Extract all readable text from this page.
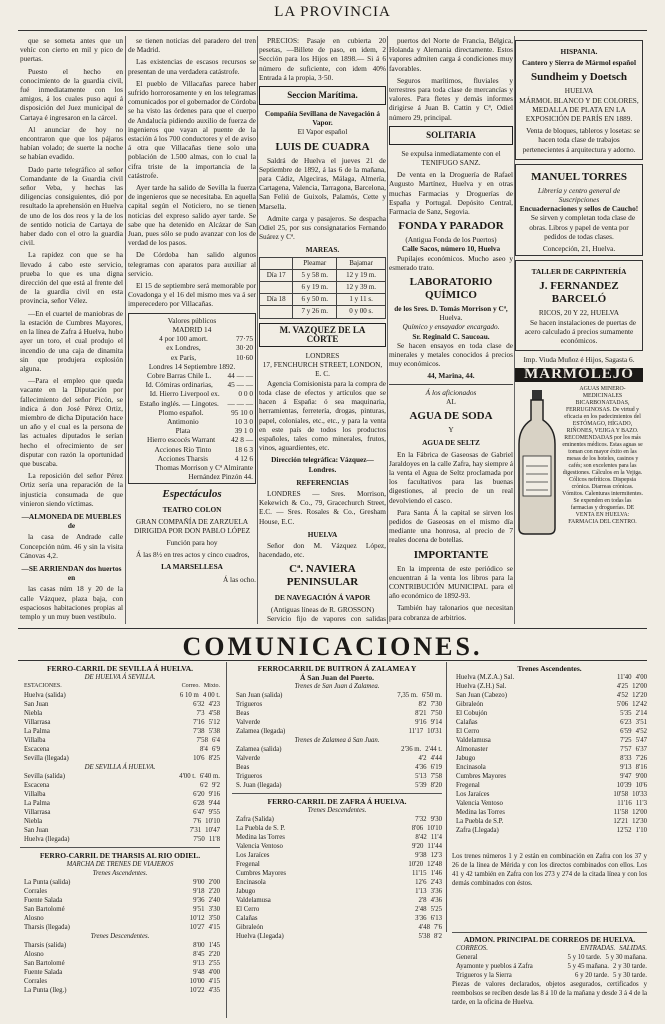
LA PROVINCIA

que se someta antes que un vehíc con cierto en mil y pico de puertas.

Puesto el hecho en conocimiento de la guardia civil, fué inmediatamente con los amigos, á los cuales puso aquí á disposición del Juez municipal de Cartaya é ingresaron en la cárcel.

Al anunciar de hoy no encontraron que que los pájaros habían volado; de suerte la noche se habían evadido.

Dado parte telegráfico al señor Comandante de la Guardia civil señor Veba, y hechas las diligencias consiguientes, dió por resultado la aprehensión en Huelva de uno de los dos reos y la de los de sentido noticia de Cartaya de haber dado con el otro la guardia civil.

La rapidez con que se ha llevado á cabo este servicio, prueba lo que es una digna dirección del que está al frente del de la guardia civil en esta provincia, señor Vélez.

—En el cuartel de maniobras de la estación de Cumbres Mayores, en la línea de Zafra á Huelva, hubo ayer un toro, el cual produjo el incendio de una caja de dinamita sin que produjera explosión alguna.

—Para el empleo que queda vacante en la Diputación por fallecimiento del señor Picón, se indica á don José Pérez Ortiz, miembro de dicha Diputación hace un año y el cual es la persona de las actuales diputados le serían hecho el ofrecimiento de ser disputar con razón la oportunidad que buscaba.

La reposición del señor Pérez Ortiz sería una reparación de la injusticia consumada de que vinieron siendo víctimas.

—ALMONEDA DE MUEBLES de

la casa de Andrade calle Concepción núm. 46 y sin la visita Cánovas 4,2.

—SE ARRIENDAN dos huertos en

las casas núm 18 y 20 de la calle Vázquez, plaza baja, con espaciosos habitaciones propias al templo y un muy buen vestíbulo.

se tienen noticias del paradero del tren de Madrid.

Las existencias de escasos recursos se presentan de una verdadera catástrofe.

El pueblo de Villacañas parece haber sufrido horrorosamente y en los telegramas comunicados por el gobernador de Córdoba se ha visto las órdenes para que el cuerpo de Andalucía pidiendo auxilio de fuerza de ingenieros que vayan al puente de la estación á los 700 conductores y el de aviso á otra que Villacañas tiene solo una población de 1.500 almas, con lo cual la cifra triste de la importancia de la catástrofe.

Ayer tarde ha salido de Sevilla la fuerza de ingenieros que se necesitaba. En aquella capital según el Noticiero, no se tienen noticias del expreso salido ayer tarde. Se sabe que ha detenido en Alcázar de San Juan, pues sólo se pudo avanzar con los de verdad de los pasos.

De Córdoba han salido algunos telegramas con aparatos para auxiliar al servicio.

El 15 de septiembre será memorable por Covadonga y el 16 del mismo mes va á ser imperecedero por Villacañas.

Valores públicos
MADRID 14
4 por 100 amort.	77·75
ex Londres,	30·20
ex París,	10·60
Londres 14 Septiembre 1892.
Cobre Barras Chile L.	44 — —
Id. Cómiras ordinarias,	45 — —
Id. Hierro Liverpool ex.	0 0 0
Estaño inglés. — Lingotes.	— — —
Plomo español.	95 10 0
Antimonio	10 3 0
Plata	39 1 0
Hierro escocés Warrant	42 8 —
Acciones Río Tinto	18 6 3
Acciones Tharsis	4 12 6
Thomas Morrison y Cª Almirante Hernández Pinzón 44.
Espectáculos
TEATRO COLON

GRAN COMPAÑÍA DE ZARZUELA DIRIGIDA POR DON PABLO LÓPEZ

Función para hoy

Á las 8½ en tres actos y cinco cuadros,

LA MARSELLESA

Á las ocho.

PRECIOS: Pasaje en cubierta 20 pesetas, —Billete de paso, en idem, 2 Sección para los Hijos en 1898.— Si á 6 número de suficiente, con idem 40% Entrada á la propia, 3·50.

Seccion Marítima.
Compañía Sevillana de Navegación á Vapor.
El Vapor español
LUIS DE CUADRA

Saldrá de Huelva el jueves 21 de Septiembre de 1892, á las 6 de la mañana, para Cádiz, Algeciras, Málaga, Almería, Cartagena, Valencia, Tarragona, Barcelona, San Feliú de Guixols, Palamós, Cette y Marsella.

Admite carga y pasajeros. Se despacha Odiel 25, por sus consignatarios Fernando Suárez y Cª.

MAREAS.
	Pleamar	Bajamar
Día 17	5 y 58 m.	12 y 19 m.
	6 y 19 m.	12 y 39 m.
Día 18	6 y 50 m.	1 y 11 s.
	7 y 26 m.	0 y 00 s.
M. VAZQUEZ DE LA CORTE
LONDRES
17, FENCHURCH STREET, LONDON, E. C.

Agencia Comisionista para la compra de toda clase de efectos y artículos que se hacen á España: ó sea maquinaria, herramientas, ferretería, drogas, pinturas, papel, coloniales, etc., etc., y para la venta en este país de todos los productos españoles, tales como minerales, frutos, vinos, aguardientes, etc.

Dirección telegráfica: Vázquez—Londres.

REFERENCIAS

LONDRES — Sres. Morrison, Kekewich & Co., 79, Gracechurch Street, E.C. — Sres. Rosales & Co., Gresham House, E.C.

HUELVA

Señor don M. Vázquez López, hacendado, etc.

Cª. NAVIERA PENINSULAR
DE NAVEGACIÓN Á VAPOR
(Antiguas líneas de R. GROSSON)

Servicio fijo de vapores con salidas

puertos del Norte de Francia, Bélgica, Holanda y Alemania directamente. Estos vapores admiten carga á condiciones muy favorables.

Seguros marítimos, fluviales y terrestres para toda clase de mercancías y valores. Para fletes y demás informes dirigirse á Juan B. Cattin y Cª, Odiel número 29, principal.

SOLITARIA

Se expulsa inmediatamente con el TENIFUGO SANZ.

De venta en la Droguería de Rafael Augusto Martínez, Huelva y en otras muchas Farmacias y Droguerías de España y Portugal. Depósito Central, Farmacia de Sanz, Segovia.

FONDA Y PARADOR
(Antigua Fonda de los Puertos)
Calle Sacos, número 10, Huelva

Pupilajes económicos. Mucho aseo y esmerado trato.

LABORATORIO QUÍMICO
de los Sres. D. Tomás Morrison y Cª,
Huelva.
Químico y ensayador encargado.
Sr. Reginald C. Saucoau.

Se hacen ensayos en toda clase de minerales y metales conocidos á precios muy económicos.

44, Marina, 44.
Á los aficionados
AL
AGUA DE SODA
Y
AGUA DE SELTZ

En la Fábrica de Gaseosas de Gabriel Jaraldoyes en la calle Zafra, hay siempre á la venta el Agua de Seltz proclamada por los facultativos para las buenas digestiones, al precio de un real devolviendo el casco.

Para Santa Á la capital se sirven los pedidos de Gaseosas en el mismo día mediante una honrosa, al precio de 7 reales docena de botellas.

IMPORTANTE

En la imprenta de este periódico se encuentran á la venta los libros para la CONTRIBUCIÓN MUNICIPAL para el año económico de 1892-93.

También hay talonarios que necesitan para cobranza de arbitrios.

HISPANIA.
Cantero y Sierra de Mármol español
Sundheim y Doetsch
HUELVA

MÁRMOL BLANCO Y DE COLORES, MEDALLA DE PLATA EN LA EXPOSICIÓN DE PARÍS EN 1889.

Venta de bloques, tableros y losetas: se hacen toda clase de trabajos pertenecientes á arquitectura y adorno.

MANUEL TORRES
Librería y centro general de Suscripciones
Encuadernaciones y sellos de Caucho!

Se sirven y completan toda clase de obras. Libros y papel de venta por pedidos de todas clases.

Concepción, 21, Huelva.
TALLER DE CARPINTERÍA
J. FERNANDEZ BARCELÓ
RICOS, 20 Y 22, HUELVA

Se hacen instalaciones de puertas de acero calculado á precios sumamente económicos.

Imp. Viuda Muñoz é Hijos, Sagasta 6.
MARMOLEJO
AGUAS MINERO-MEDICINALES BICARBONATADAS, FERRUGINOSAS. De virtud y eficacia en los padecimientos del ESTÓMAGO, HÍGADO, RIÑONES, VEJIGA Y BAZO. RECOMENDADAS por los más eminentes médicos. Estas aguas se toman con mayor éxito en las mesas de los hoteles, casinos y cafés; son excelentes para las digestiones. Cálculos en la Vejiga. Cólicos nefríticos. Dispepsia crónica. Diarreas crónicas. Vómitos. Calenturas intermitentes. Se expenden en todas las farmacias y droguerías. DE VENTA EN HUELVA: FARMACIA DEL CENTRO.
COMUNICACIONES.
FERRO-CARRIL DE SEVILLA Á HUELVA.
DE HUELVA Á SEVILLA.
ESTACIONES.	Correo. Mixto.
Huelva (salida)	6 10 m 4 00 t.
San Juan	6'32 4'23
Niebla	7'3 4'58
Villarrasa	7'16 5'12
La Palma	7'38 5'38
Villalba	7'58 6'4
Escacena	8'4 6'9
Sevilla (llegada)	10'6 8'25
DE SEVILLA Á HUELVA.
Sevilla (salida)	4'00 t. 6'40 m.
Escacena	6'2 9'2
Villalba	6'20 9'16
La Palma	6'28 9'44
Villarrasa	6'47 9'55
Niebla	7'6 10'10
San Juan	7'31 10'47
Huelva (llegada)	7'50 11'8
FERRO-CARRIL DE THARSIS AL RIO ODIEL.
MARCHA DE TRENES DE VIAJEROS
Trenes Ascendentes.
La Punta (salida)	9'00 2'00
Corrales	9'18 2'20
Fuente Salada	9'36 2'40
San Bartolomé	9'51 3'30
Alosno	10'12 3'50
Tharsis (llegada)	10'27 4'15
Trenes Descendentes.
Tharsis (salida)	8'00 1'45
Alosno	8'45 2'20
San Bartolomé	9'13 2'55
Fuente Salada	9'48 4'00
Corrales	10'00 4'15
La Punta (lleg.)	10'22 4'35
FERROCARRIL DE BUITRON Á ZALAMEA Y
Á San Juan del Puerto.
Trenes de San Juan á Zalamea.
San Juan (salida)	7,35 m. 6'50 m.
Trigueros	8'2 7'30
Beas	8'21 7'50
Valverde	9'16 9'14
Zalamea (llegada)	11'17 10'31
Trenes de Zalamea á San Juan.
Zalamea (salida)	2'36 m. 2'44 t.
Valverde	4'2 4'44
Beas	4'36 6'19
Trigueros	5'13 7'58
S. Juan (llegada)	5'39 8'20
FERRO-CARRIL DE ZAFRA Á HUELVA.
Trenes Descendentes.
Zafra (Salida)	7'32 9'30
La Puebla de S. P.	8'06 10'10
Medina las Torres	8'42 11'4
Valencia Ventoso	9'20 11'44
Los Jaraíces	9'38 12'3
Fregenal	10'20 12'48
Cumbres Mayores	11'15 1'46
Encinasola	12'6 2'43
Jabugo	1'13 3'36
Valdelamusa	2'8 4'36
El Cerro	2'48 5'25
Calañas	3'36 6'13
Gibraleón	4'48 7'6
Huelva (Llegada)	5'38 8'2
Trenes Ascendentes.
Huelva (M.Z.A.) Sal.	11'40 4'00
Huelva (Z.H.) Sal.	4'25 12'00
San Juan (Cabezo)	4'52 12'20
Gibraleón	5'06 12'42
El Cobujón	5'35 2'14
Calañas	6'23 3'51
El Cerro	6'59 4'52
Valdelamusa	7'25 5'47
Almonaster	7'57 6'37
Jabugo	8'33 7'26
Encinasola	9'13 8'16
Cumbres Mayores	9'47 9'00
Fregenal	10'39 10'6
Los Jaraíces	10'58 10'33
Valencia Ventoso	11'16 11'3
Medina las Torres	11'58 12'00
La Puebla de S.P.	12'21 12'30
Zafra (Llegada)	12'52 1'10
Los trenes números 1 y 2 están en combinación en Zafra con los 37 y 26 de la línea de Mérida y con los directos combinados con ellos. Los 41 y 42 también en Zafra con los 273 y 274 de la citada línea y con los demás combinados con éstos.
ADMON. PRINCIPAL DE CORREOS DE HUELVA.
CORREOS.	ENTRADAS. SALIDAS.
General	5 y 10 tarde. 5 y 30 mañana.
Ayamonte y pueblos á Zafra	5 y 45 mañana. 2 y 30 tarde.
Trigueros y la Sierra	6 y 20 tarde. 5 y 30 tarde.
Piezas de valores declarados, objetos asegurados, certificados y reembolsos se reciben desde las 8 á 10 de la mañana y desde 3 á 4 de la tarde, en la oficina de Huelva.
